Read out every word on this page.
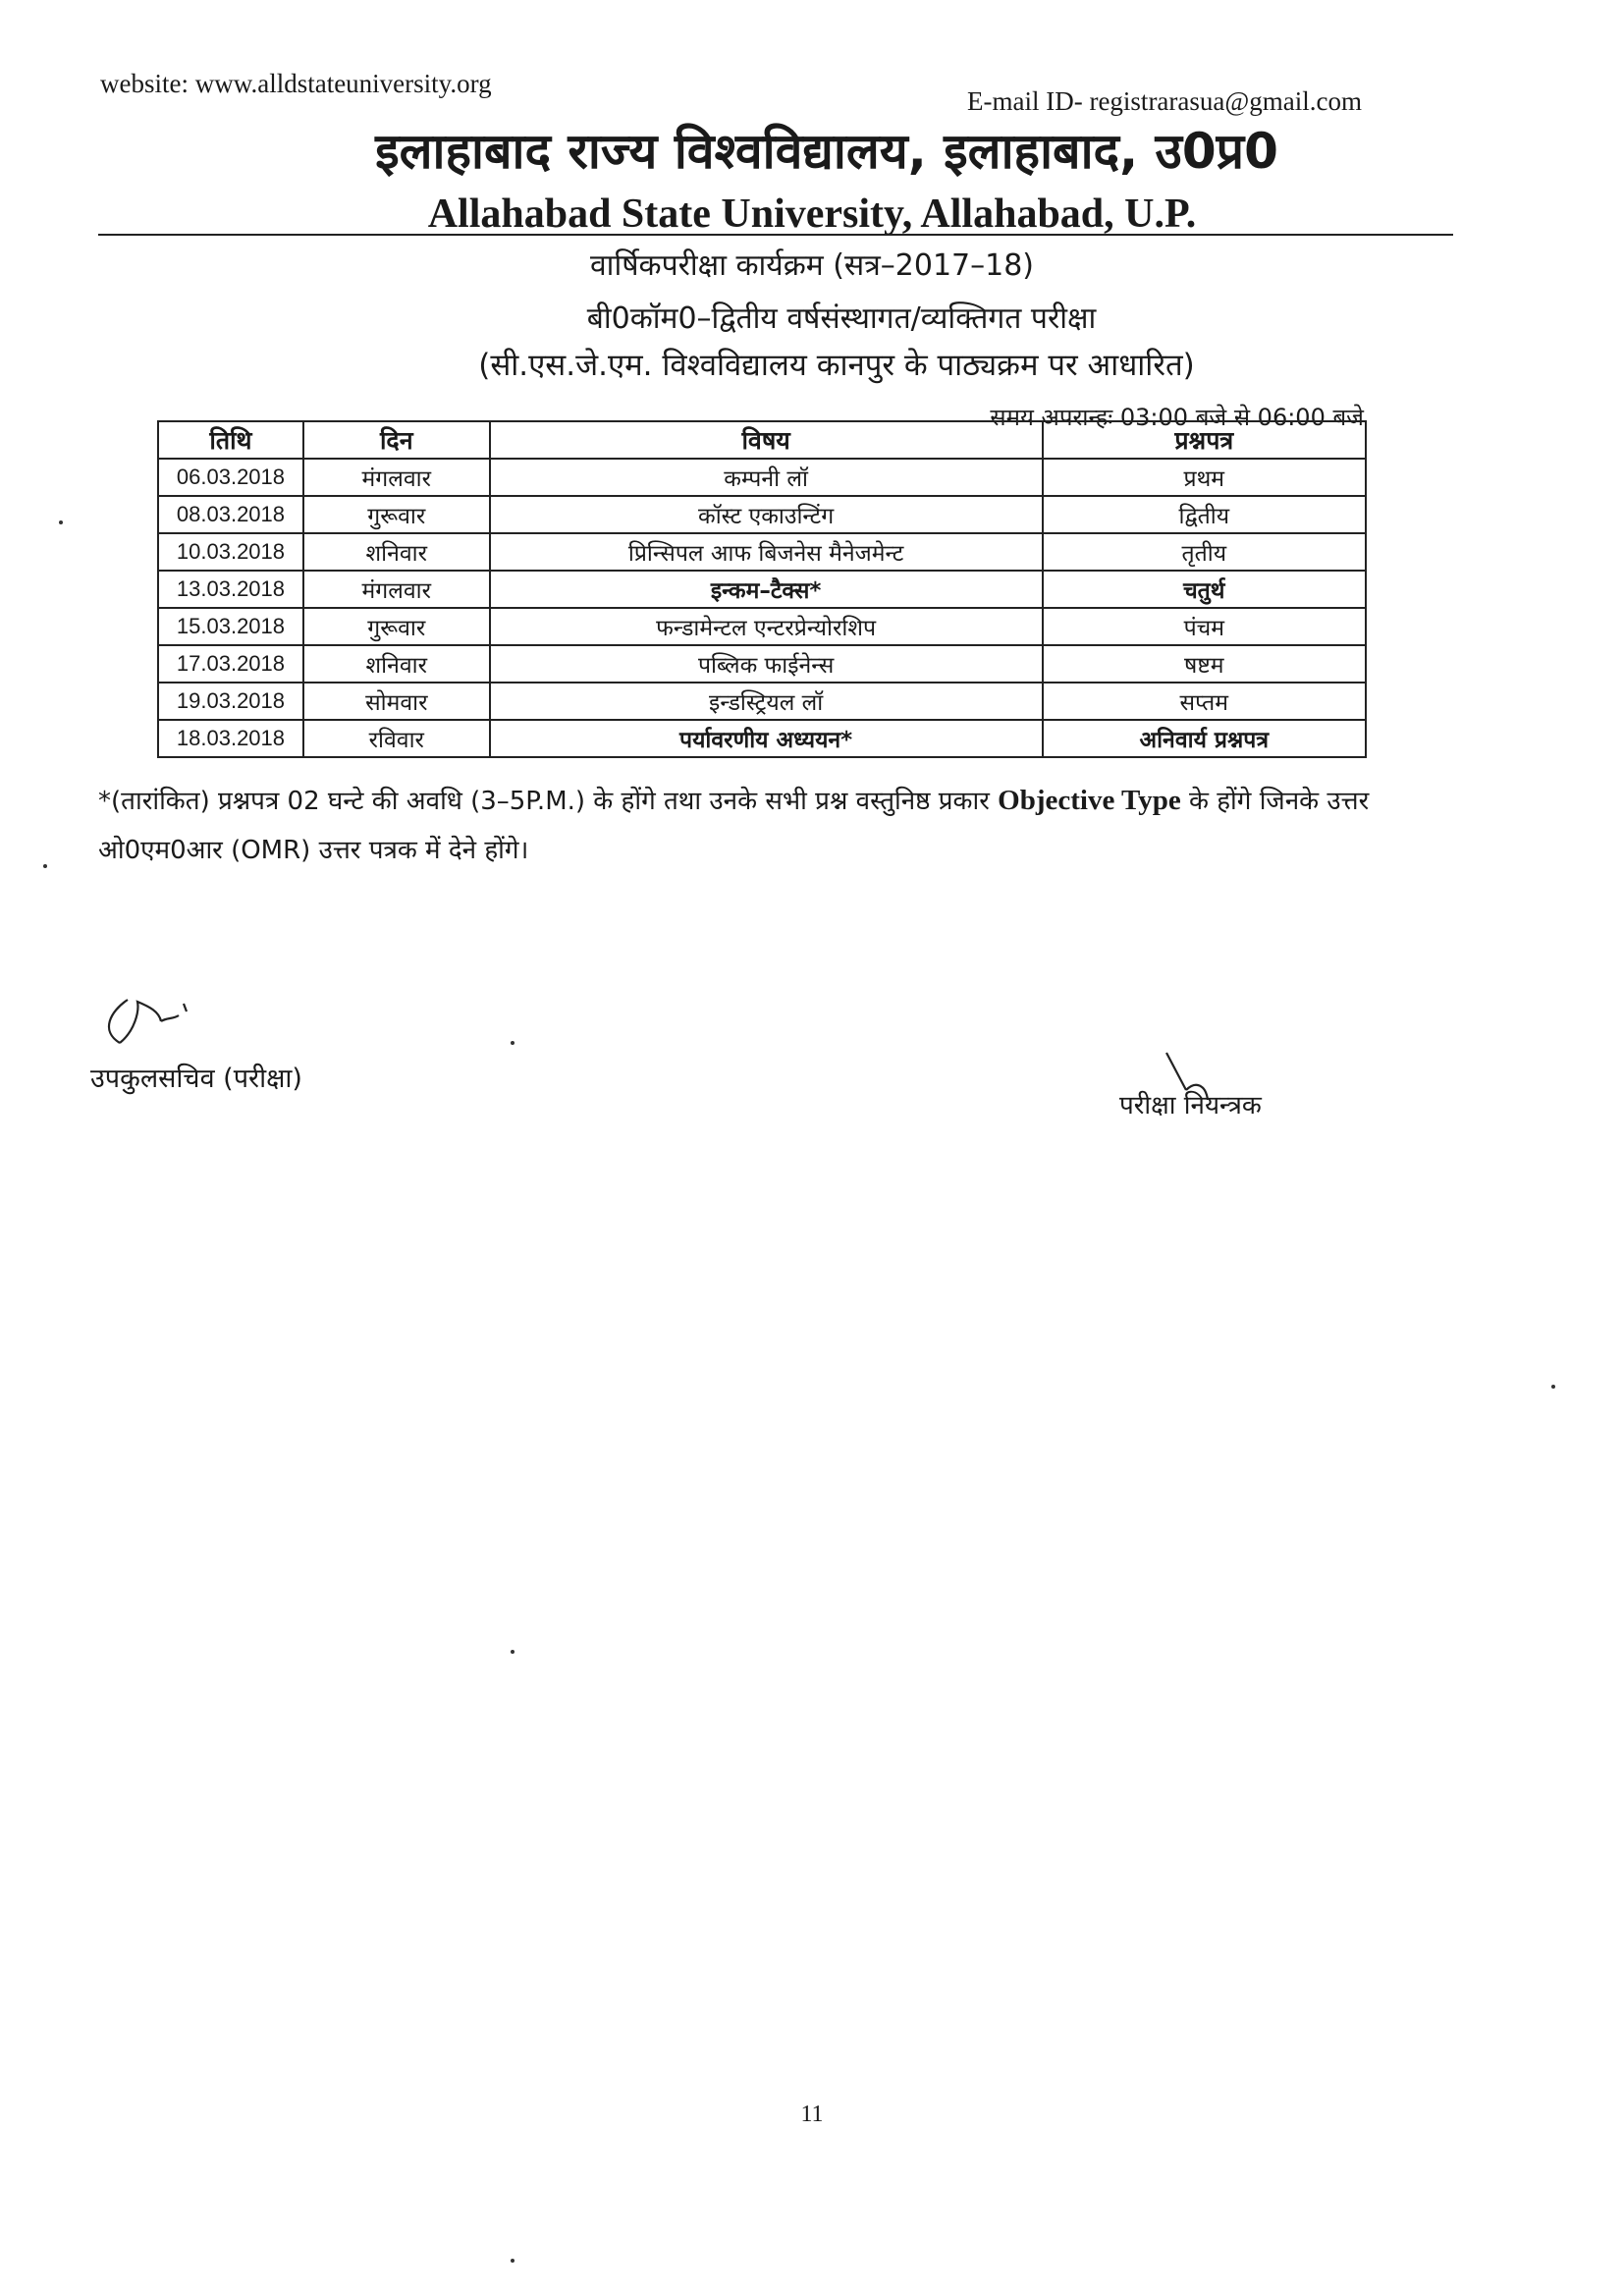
website: www.alldstateuniversity.org
E-mail ID- registrarasua@gmail.com
इलाहाबाद राज्य विश्वविद्यालय, इलाहाबाद, उ0प्र0
Allahabad State University, Allahabad, U.P.
वार्षिकपरीक्षा कार्यक्रम (सत्र–2017–18)
बी0कॉम0–द्वितीय वर्षसंस्थागत/व्यक्तिगत परीक्षा
(सी.एस.जे.एम. विश्वविद्यालय कानपुर के पाठ्यक्रम पर आधारित)
समय अपरान्हः 03:00 बजे से 06:00 बजे
तिथि	दिन	विषय	प्रश्नपत्र
06.03.2018	मंगलवार	कम्पनी लॉ	प्रथम
08.03.2018	गुरूवार	कॉस्ट एकाउन्टिंग	द्वितीय
10.03.2018	शनिवार	प्रिन्सिपल आफ बिजनेस मैनेजमेन्ट	तृतीय
13.03.2018	मंगलवार	इन्कम–टैक्स*	चतुर्थ
15.03.2018	गुरूवार	फन्डामेन्टल एन्टरप्रेन्योरशिप	पंचम
17.03.2018	शनिवार	पब्लिक फाईनेन्स	षष्टम
19.03.2018	सोमवार	इन्डस्ट्रियल लॉ	सप्तम
18.03.2018	रविवार	पर्यावरणीय अध्ययन*	अनिवार्य प्रश्नपत्र
*(तारांकित) प्रश्नपत्र 02 घन्टे की अवधि (3–5P.M.) के होंगे तथा उनके सभी प्रश्न वस्तुनिष्ठ प्रकार Objective Type के होंगे जिनके उत्तर ओ0एम0आर (OMR) उत्तर पत्रक में देने होंगे।
उपकुलसचिव (परीक्षा)
परीक्षा नियन्त्रक
11
